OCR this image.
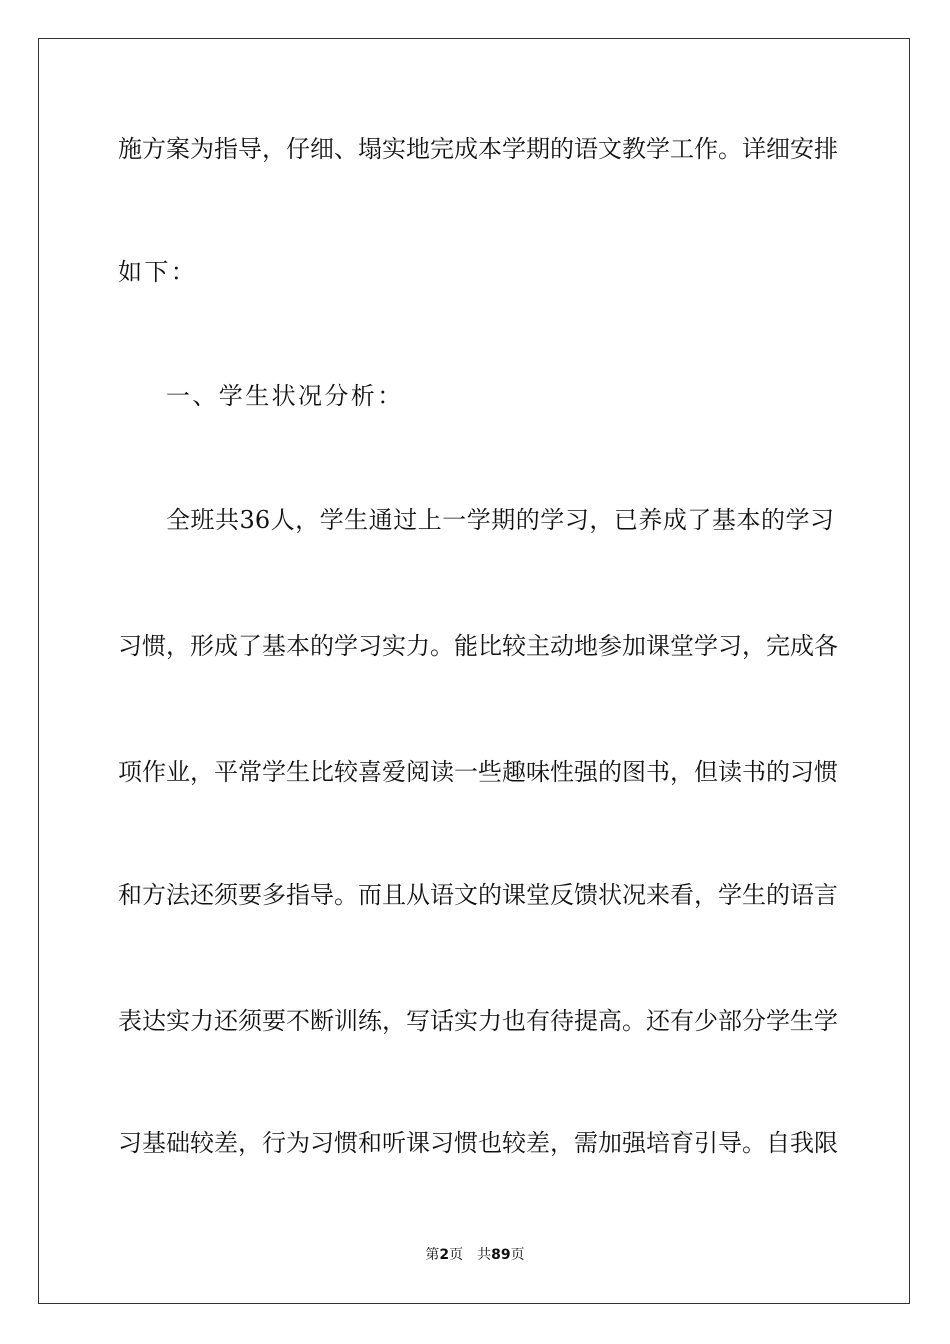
施方案为指导，仔细、塌实地完成本学期的语文教学工作。详细安排
如下：
一、学生状况分析：
全班共36人，学生通过上一学期的学习，已养成了基本的学习
习惯，形成了基本的学习实力。能比较主动地参加课堂学习，完成各
项作业，平常学生比较喜爱阅读一些趣味性强的图书，但读书的习惯
和方法还须要多指导。而且从语文的课堂反馈状况来看，学生的语言
表达实力还须要不断训练，写话实力也有待提高。还有少部分学生学
习基础较差，行为习惯和听课习惯也较差，需加强培育引导。自我限
第2页 共89页
